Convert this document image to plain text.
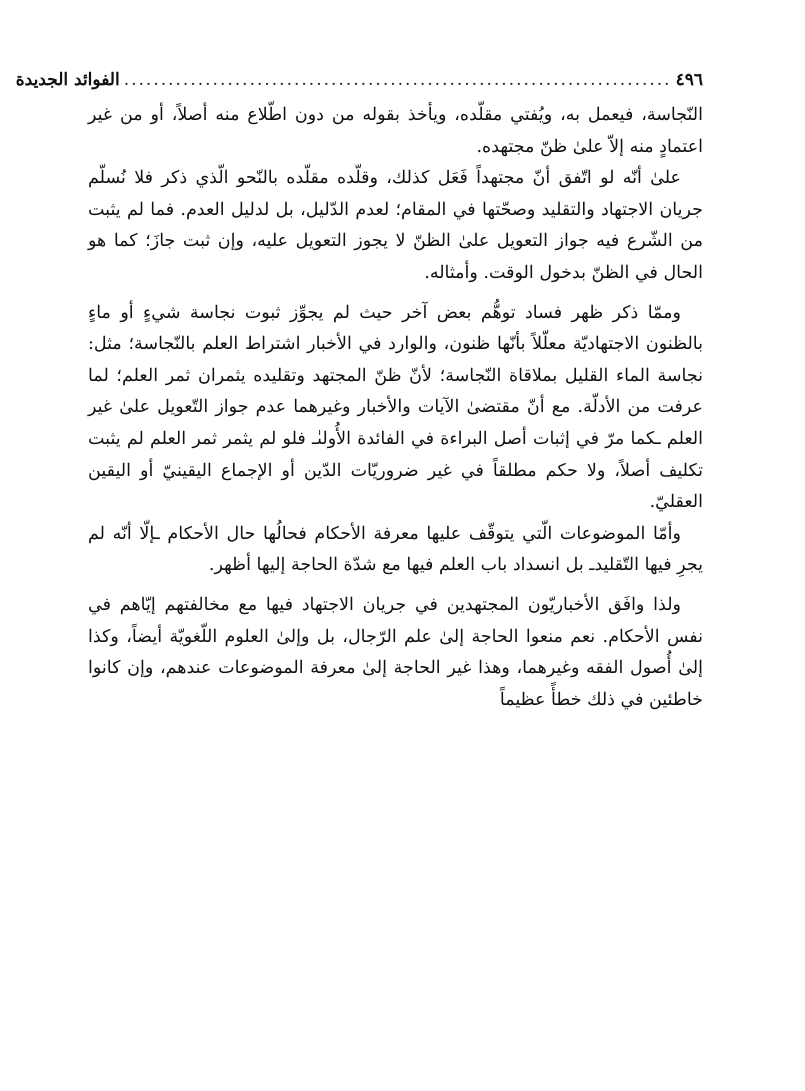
٤٩٦
..........................................................................
الفوائد الجديدة

النّجاسة، فيعمل به، ويُفتي مقلّده، ويأخذ بقوله من دون اطّلاع منه أصلاً، أو من غير اعتمادٍ منه إلاّ علىٰ ظنّ مجتهده.

علىٰ أنّه لو اتّفق أنّ مجتهداً فَعَل كذلك، وقلّده مقلّده بالنّحو الّذي ذكر فلا نُسلّم جريان الاجتهاد والتقليد وصحّتها في المقام؛ لعدم الدّليل، بل لدليل العدم. فما لم يثبت من الشّرع فيه جواز التعويل علىٰ الظنّ لا يجوز التعويل عليه، وإن ثبت جازَ؛ كما هو الحال في الظنّ بدخول الوقت. وأمثاله.

وممّا ذكر ظهر فساد توهُّم بعض آخر حيث لم يجوِّز ثبوت نجاسة شيءٍ أو ماءٍ بالظنون الاجتهاديّة معلّلاً بأنّها ظنون، والوارد في الأخبار اشتراط العلم بالنّجاسة؛ مثل: نجاسة الماء القليل بملاقاة النّجاسة؛ لأنّ ظنّ المجتهد وتقليده يثمران ثمر العلم؛ لما عرفت من الأدلّة. مع أنّ مقتضىٰ الآيات والأخبار وغيرهما عدم جواز التّعويل علىٰ غير العلم ـكما مرّ في إثبات أصل البراءة في الفائدة الأُولىٰـ فلو لم يثمر ثمر العلم لم يثبت تكليف أصلاً، ولا حكم مطلقاً في غير ضروريّات الدّين أو الإجماع اليقينيّ أو اليقين العقليّ.

وأمّا الموضوعات الّتي يتوقّف عليها معرفة الأحكام فحالُها حال الأحكام ـإلّا أنّه لم يجرِ فيها التّقليدـ بل انسداد باب العلم فيها مع شدّة الحاجة إليها أظهر.

ولذا وافَق الأخباريّون المجتهدين في جريان الاجتهاد فيها مع مخالفتهم إيّاهم في نفس الأحكام. نعم منعوا الحاجة إلىٰ علم الرّجال، بل وإلىٰ العلوم اللّغويّة أيضاً، وكذا إلىٰ أُصول الفقه وغيرهما، وهذا غير الحاجة إلىٰ معرفة الموضوعات عندهم، وإن كانوا خاطئين في ذلك خطأً عظيماً
